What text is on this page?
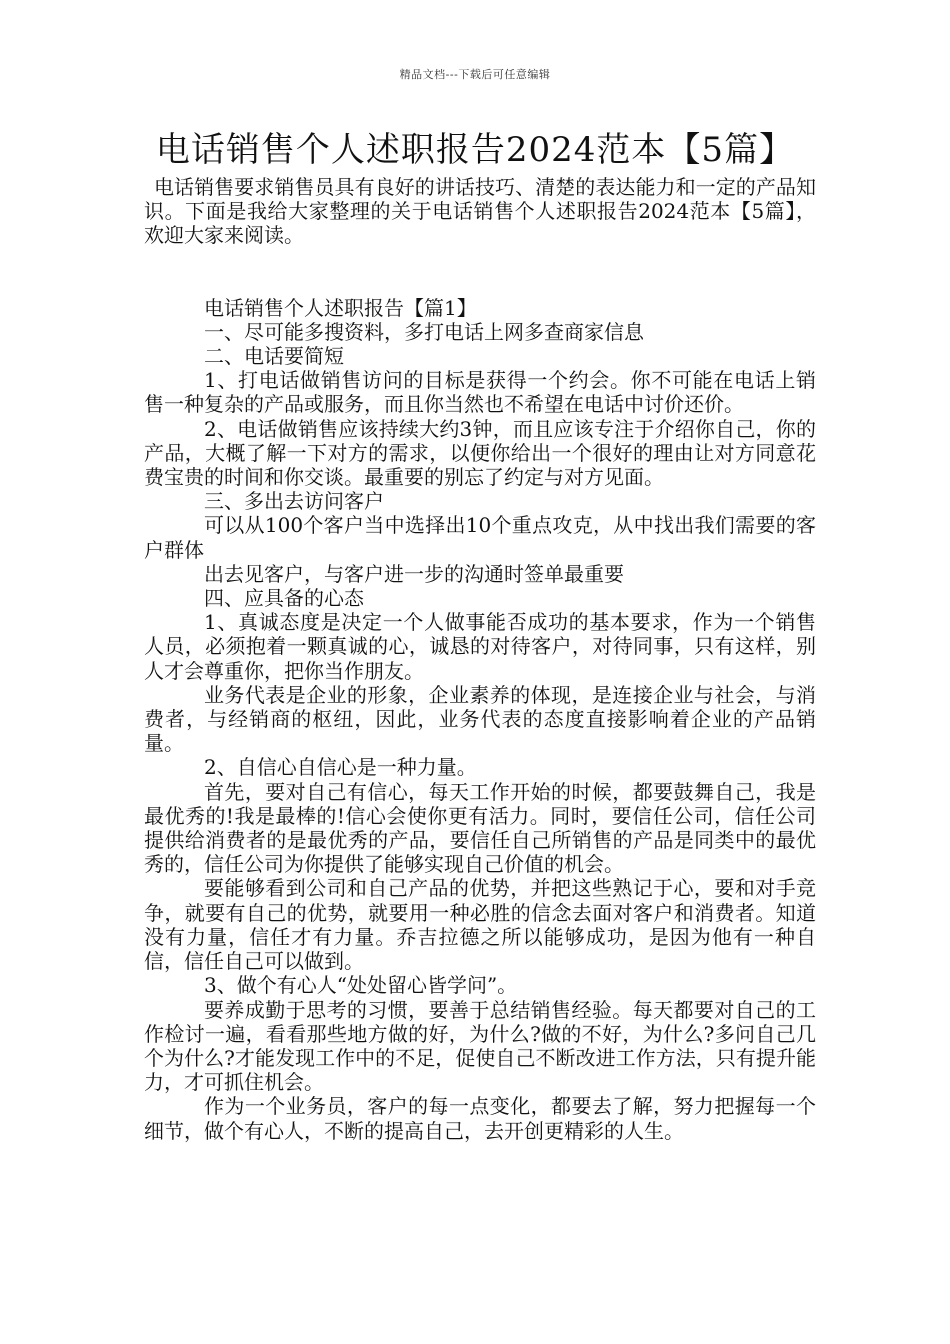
精品文档---下载后可任意编辑
电话销售个人述职报告2024范本【5篇】

电话销售要求销售员具有良好的讲话技巧、清楚的表达能力和一定的产品知识。下面是我给大家整理的关于电话销售个人述职报告2024范本【5篇】，欢迎大家来阅读。

电话销售个人述职报告【篇1】

一、尽可能多搜资料，多打电话上网多查商家信息

二、电话要简短

1、打电话做销售访问的目标是获得一个约会。你不可能在电话上销售一种复杂的产品或服务，而且你当然也不希望在电话中讨价还价。

2、电话做销售应该持续大约3钟，而且应该专注于介绍你自己，你的产品，大概了解一下对方的需求，以便你给出一个很好的理由让对方同意花费宝贵的时间和你交谈。最重要的别忘了约定与对方见面。

三、多出去访问客户

可以从100个客户当中选择出10个重点攻克，从中找出我们需要的客户群体

出去见客户，与客户进一步的沟通时签单最重要

四、应具备的心态

1、真诚态度是决定一个人做事能否成功的基本要求，作为一个销售人员，必须抱着一颗真诚的心，诚恳的对待客户，对待同事，只有这样，别人才会尊重你，把你当作朋友。

业务代表是企业的形象，企业素养的体现，是连接企业与社会，与消费者，与经销商的枢纽，因此，业务代表的态度直接影响着企业的产品销量。

2、自信心自信心是一种力量。

首先，要对自己有信心，每天工作开始的时候，都要鼓舞自己，我是最优秀的!我是最棒的!信心会使你更有活力。同时，要信任公司，信任公司提供给消费者的是最优秀的产品，要信任自己所销售的产品是同类中的最优秀的，信任公司为你提供了能够实现自己价值的机会。

要能够看到公司和自己产品的优势，并把这些熟记于心，要和对手竞争，就要有自己的优势，就要用一种必胜的信念去面对客户和消费者。知道没有力量，信任才有力量。乔吉拉德之所以能够成功，是因为他有一种自信，信任自己可以做到。

3、做个有心人“处处留心皆学问”。

要养成勤于思考的习惯，要善于总结销售经验。每天都要对自己的工作检讨一遍，看看那些地方做的好，为什么?做的不好，为什么?多问自己几个为什么?才能发现工作中的不足，促使自己不断改进工作方法，只有提升能力，才可抓住机会。

作为一个业务员，客户的每一点变化，都要去了解，努力把握每一个细节，做个有心人，不断的提高自己，去开创更精彩的人生。
